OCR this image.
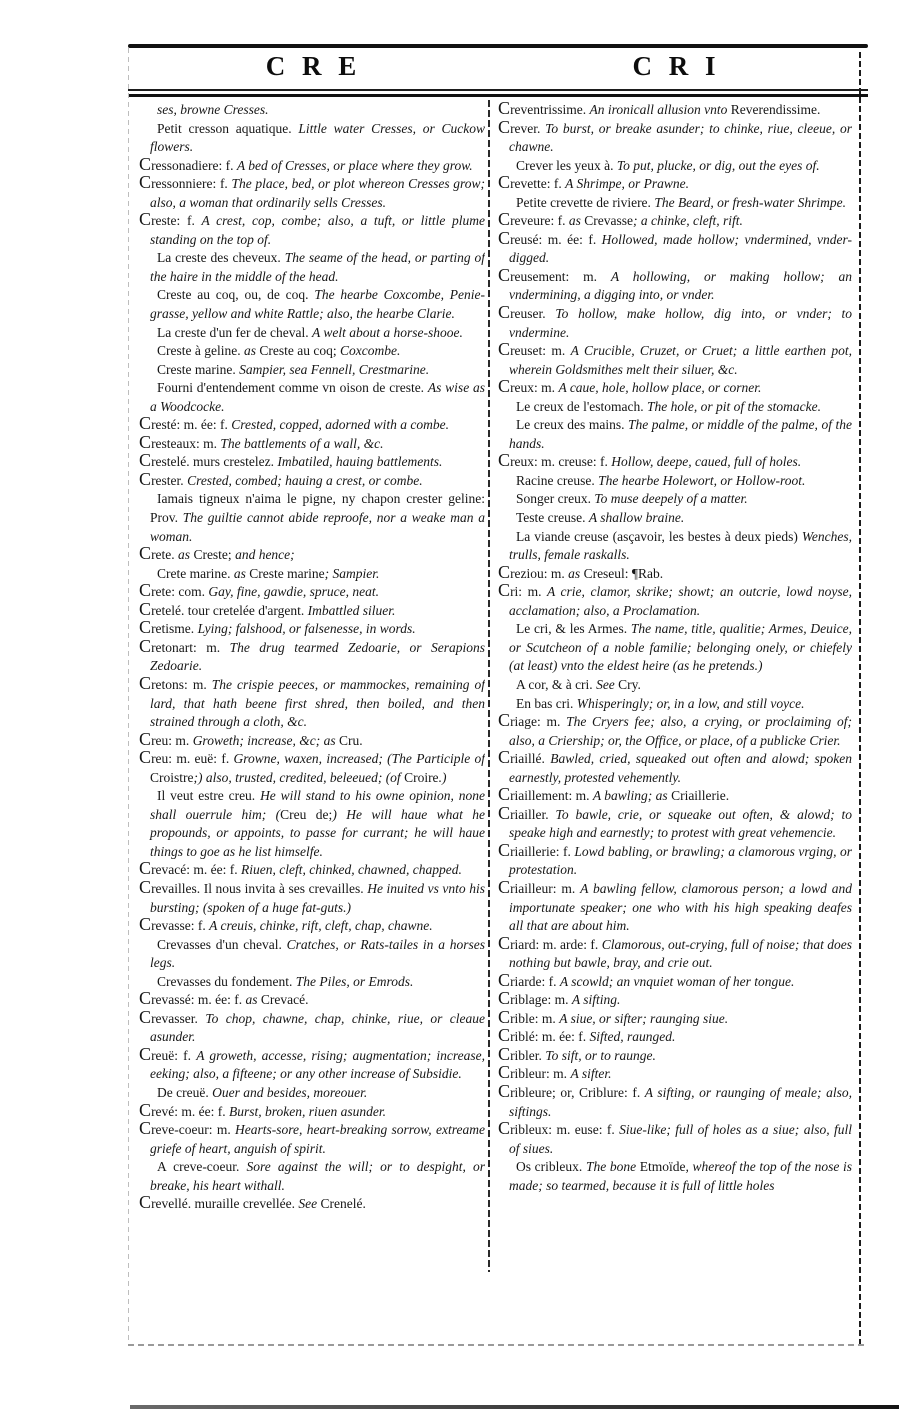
CRE	CRI

ses, browne Cresses.

Petit cresson aquatique. Little water Cresses, or Cuckow flowers.

Cressonadiere: f. A bed of Cresses, or place where they grow.

Cressonniere: f. The place, bed, or plot whereon Cresses grow; also, a woman that ordinarily sells Cresses.

Creste: f. A crest, cop, combe; also, a tuft, or little plume standing on the top of.

La creste des cheveux. The seame of the head, or parting of the haire in the middle of the head.

Creste au coq, ou, de coq. The hearbe Coxcombe, Penie-grasse, yellow and white Rattle; also, the hearbe Clarie.

La creste d'un fer de cheval. A welt about a horse-shooe.

Creste à geline. as Creste au coq; Coxcombe.

Creste marine. Sampier, sea Fennell, Crestmarine.

Fourni d'entendement comme vn oison de creste. As wise as a Woodcocke.

Cresté: m. ée: f. Crested, copped, adorned with a combe.

Cresteaux: m. The battlements of a wall, &c.

Crestelé. murs crestelez. Imbatiled, hauing battlements.

Crester. Crested, combed; hauing a crest, or combe.

Iamais tigneux n'aima le pigne, ny chapon crester geline: Prov. The guiltie cannot abide reproofe, nor a weake man a woman.

Crete. as Creste; and hence;

Crete marine. as Creste marine; Sampier.

Crete: com. Gay, fine, gawdie, spruce, neat.

Cretelé. tour cretelée d'argent. Imbattled siluer.

Cretisme. Lying; falshood, or falsenesse, in words.

Cretonart: m. The drug tearmed Zedoarie, or Serapions Zedoarie.

Cretons: m. The crispie peeces, or mammockes, remaining of lard, that hath beene first shred, then boiled, and then strained through a cloth, &c.

Creu: m. Groweth; increase, &c; as Cru.

Creu: m. euë: f. Growne, waxen, increased; (The Participle of Croistre;) also, trusted, credited, beleeued; (of Croire.)

Il veut estre creu. He will stand to his owne opinion, none shall ouerrule him; (Creu de;) He will haue what he propounds, or appoints, to passe for currant; he will haue things to goe as he list himselfe.

Crevacé: m. ée: f. Riuen, cleft, chinked, chawned, chapped.

Crevailles. Il nous invita à ses crevailles. He inuited vs vnto his bursting; (spoken of a huge fat-guts.)

Crevasse: f. A creuis, chinke, rift, cleft, chap, chawne.

Crevasses d'un cheval. Cratches, or Rats-tailes in a horses legs.

Crevasses du fondement. The Piles, or Emrods.

Crevassé: m. ée: f. as Crevacé.

Crevasser. To chop, chawne, chap, chinke, riue, or cleaue asunder.

Creuë: f. A groweth, accesse, rising; augmentation; increase, eeking; also, a fifteene; or any other increase of Subsidie.

De creuë. Ouer and besides, moreouer.

Crevé: m. ée: f. Burst, broken, riuen asunder.

Creve-coeur: m. Hearts-sore, heart-breaking sorrow, extreame griefe of heart, anguish of spirit.

A creve-coeur. Sore against the will; or to despight, or breake, his heart withall.

Crevellé. muraille crevellée. See Crenelé.

Creventrissime. An ironicall allusion vnto Reverendissime.

Crever. To burst, or breake asunder; to chinke, riue, cleeue, or chawne.

Crever les yeux à. To put, plucke, or dig, out the eyes of.

Crevette: f. A Shrimpe, or Prawne.

Petite crevette de riviere. The Beard, or fresh-water Shrimpe.

Creveure: f. as Crevasse; a chinke, cleft, rift.

Creusé: m. ée: f. Hollowed, made hollow; vndermined, vnder-digged.

Creusement: m. A hollowing, or making hollow; an vndermining, a digging into, or vnder.

Creuser. To hollow, make hollow, dig into, or vnder; to vndermine.

Creuset: m. A Crucible, Cruzet, or Cruet; a little earthen pot, wherein Goldsmithes melt their siluer, &c.

Creux: m. A caue, hole, hollow place, or corner.

Le creux de l'estomach. The hole, or pit of the stomacke.

Le creux des mains. The palme, or middle of the palme, of the hands.

Creux: m. creuse: f. Hollow, deepe, caued, full of holes.

Racine creuse. The hearbe Holewort, or Hollow-root.

Songer creux. To muse deepely of a matter.

Teste creuse. A shallow braine.

La viande creuse (asçavoir, les bestes à deux pieds) Wenches, trulls, female raskalls.

Creziou: m. as Creseul: ¶Rab.

Cri: m. A crie, clamor, skrike; showt; an outcrie, lowd noyse, acclamation; also, a Proclamation.

Le cri, & les Armes. The name, title, qualitie; Armes, Deuice, or Scutcheon of a noble familie; belonging onely, or chiefely (at least) vnto the eldest heire (as he pretends.)

A cor, & à cri. See Cry.

En bas cri. Whisperingly; or, in a low, and still voyce.

Criage: m. The Cryers fee; also, a crying, or proclaiming of; also, a Criership; or, the Office, or place, of a publicke Crier.

Criaillé. Bawled, cried, squeaked out often and alowd; spoken earnestly, protested vehemently.

Criaillement: m. A bawling; as Criaillerie.

Criailler. To bawle, crie, or squeake out often, & alowd; to speake high and earnestly; to protest with great vehemencie.

Criaillerie: f. Lowd babling, or brawling; a clamorous vrging, or protestation.

Criailleur: m. A bawling fellow, clamorous person; a lowd and importunate speaker; one who with his high speaking deafes all that are about him.

Criard: m. arde: f. Clamorous, out-crying, full of noise; that does nothing but bawle, bray, and crie out.

Criarde: f. A scowld; an vnquiet woman of her tongue.

Criblage: m. A sifting.

Crible: m. A siue, or sifter; raunging siue.

Criblé: m. ée: f. Sifted, raunged.

Cribler. To sift, or to raunge.

Cribleur: m. A sifter.

Cribleure; or, Criblure: f. A sifting, or raunging of meale; also, siftings.

Cribleux: m. euse: f. Siue-like; full of holes as a siue; also, full of siues.

Os cribleux. The bone Etmoïde, whereof the top of the nose is made; so tearmed, because it is full of little holes
